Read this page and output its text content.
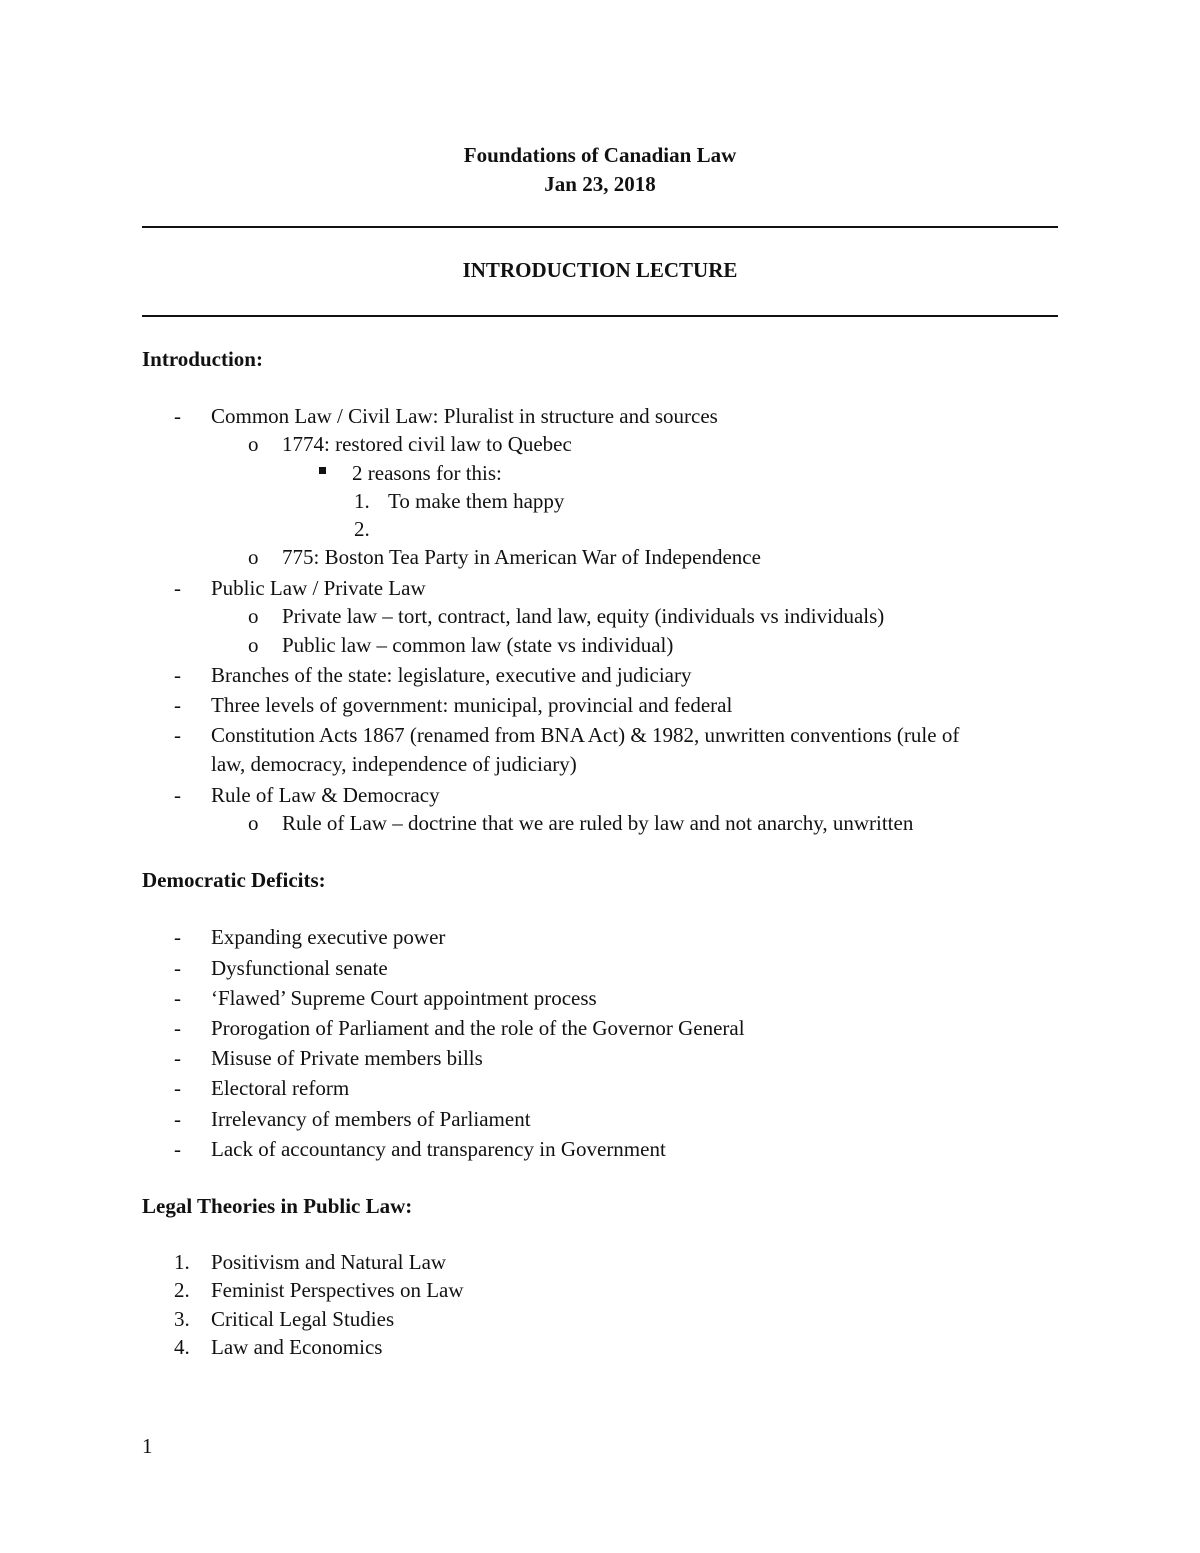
Foundations of Canadian Law
Jan 23, 2018
INTRODUCTION LECTURE
Introduction:
- Common Law / Civil Law: Pluralist in structure and sources
o 1774: restored civil law to Quebec
2 reasons for this:
1. To make them happy
2.
o 775: Boston Tea Party in American War of Independence
- Public Law / Private Law
o Private law – tort, contract, land law, equity (individuals vs individuals)
o Public law – common law (state vs individual)
- Branches of the state: legislature, executive and judiciary
- Three levels of government: municipal, provincial and federal
- Constitution Acts 1867 (renamed from BNA Act) & 1982, unwritten conventions (rule of
law, democracy, independence of judiciary)
- Rule of Law & Democracy
o Rule of Law – doctrine that we are ruled by law and not anarchy, unwritten
Democratic Deficits:
- Expanding executive power
- Dysfunctional senate
- ‘Flawed’ Supreme Court appointment process
- Prorogation of Parliament and the role of the Governor General
- Misuse of Private members bills
- Electoral reform
- Irrelevancy of members of Parliament
- Lack of accountancy and transparency in Government
Legal Theories in Public Law:
1. Positivism and Natural Law
2. Feminist Perspectives on Law
3. Critical Legal Studies
4. Law and Economics
1
